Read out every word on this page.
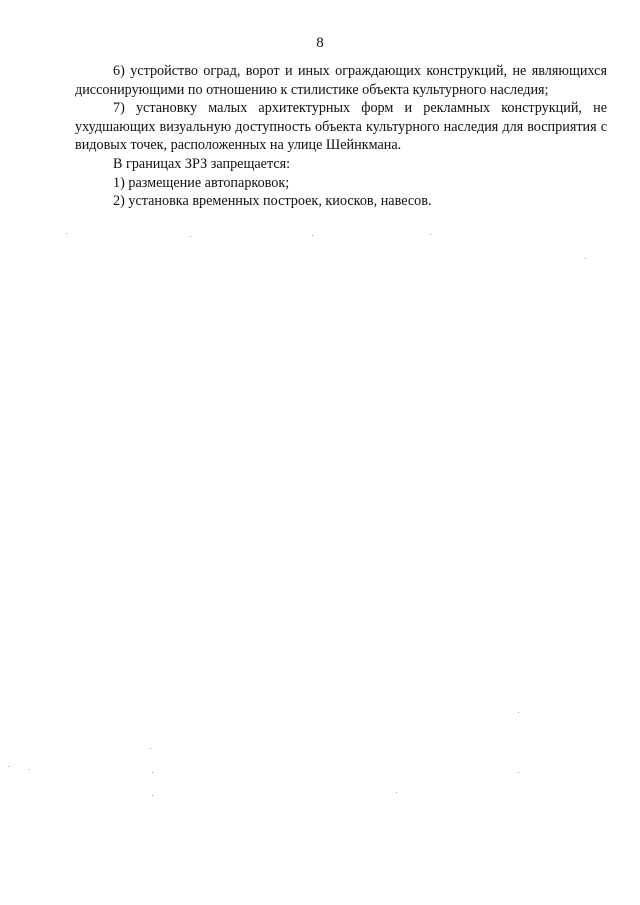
8

6) устройство оград, ворот и иных ограждающих конструкций, не являющихся диссонирующими по отношению к стилистике объекта культурного наследия;

7) установку малых архитектурных форм и рекламных конструкций, не ухудшающих визуальную доступность объекта культурного наследия для восприятия с видовых точек, расположенных на улице Шейнкмана.

В границах ЗРЗ запрещается:

1) размещение автопарковок;

2) установка временных построек, киосков, навесов.
